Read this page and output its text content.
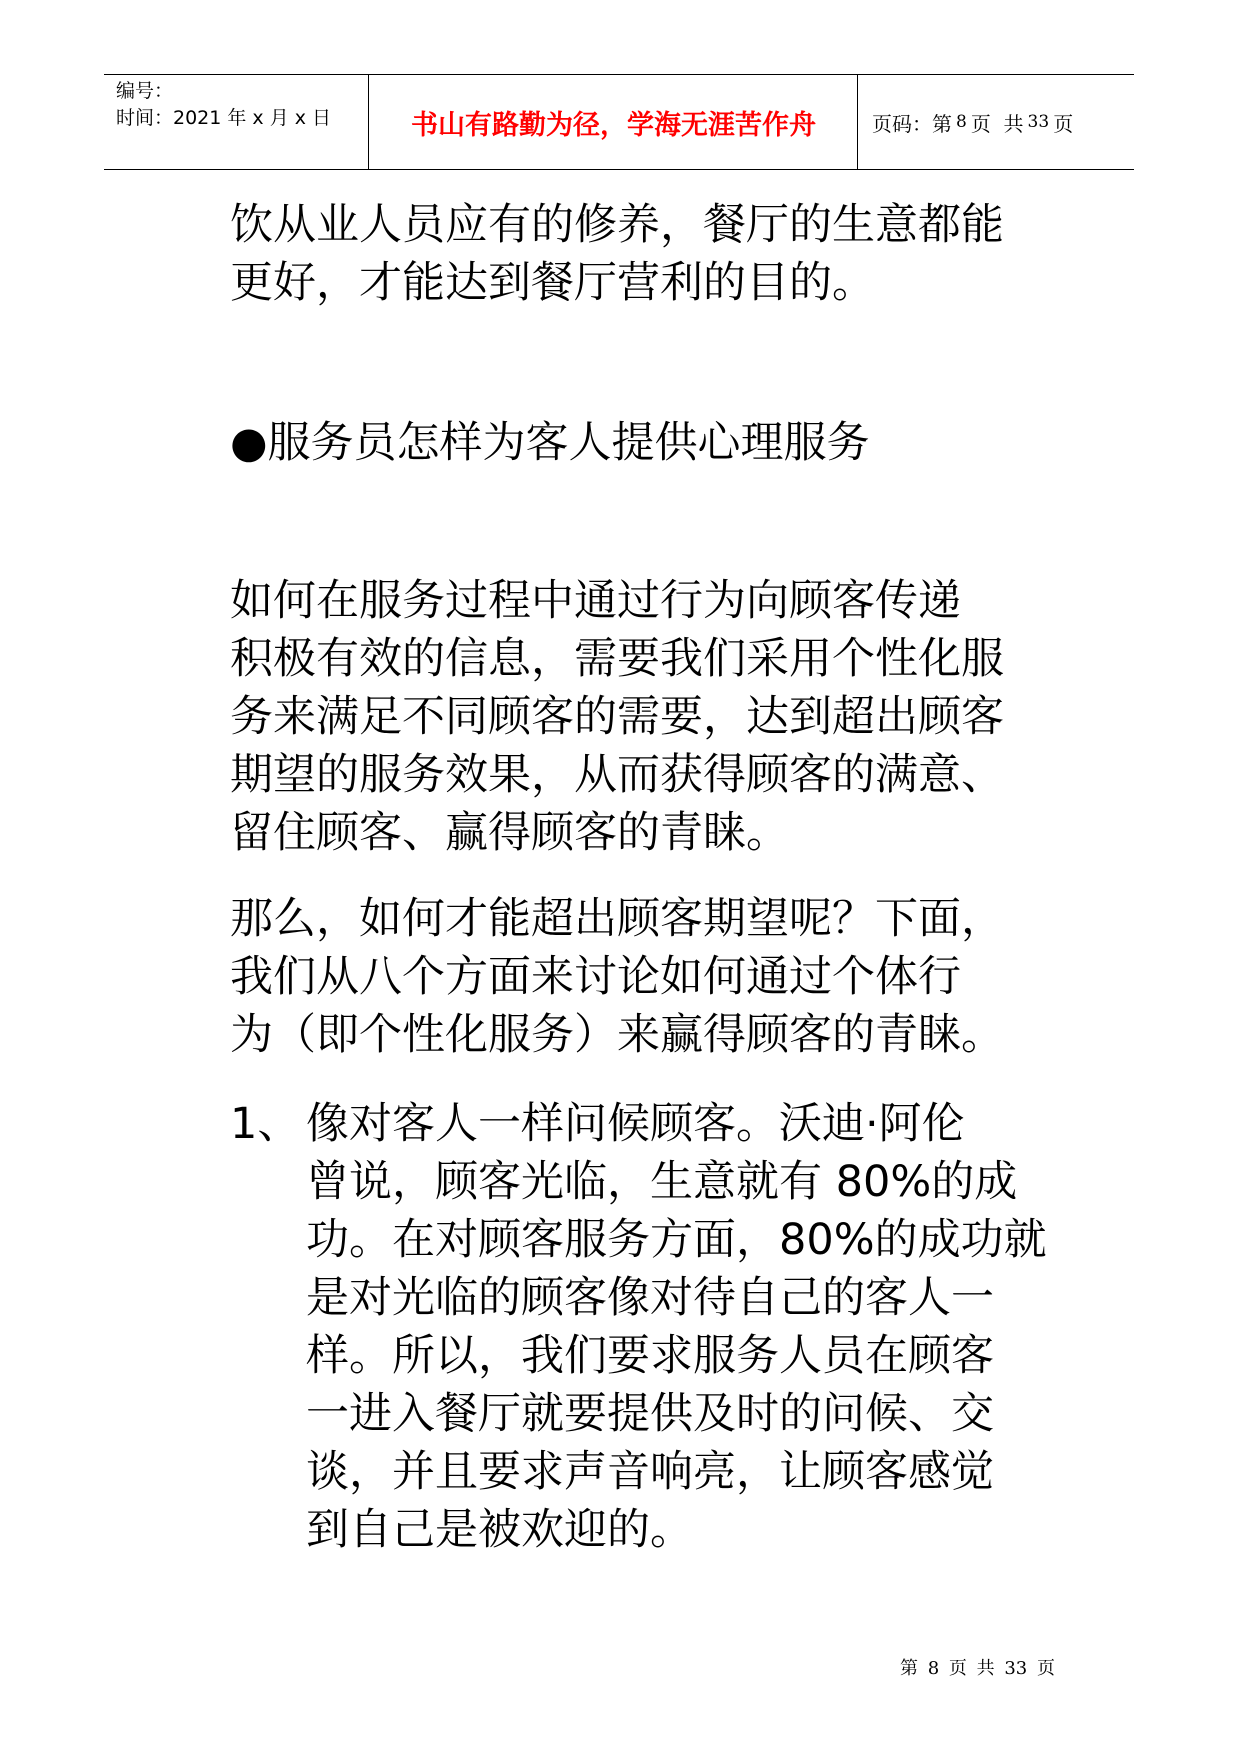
编号：
时间：2021 年 x 月 x 日	书山有路勤为径，学海无涯苦作舟	页码：第 8 页  共 33 页
饮从业人员应有的修养，餐厅的生意都能
更好，才能达到餐厅营利的目的。
●服务员怎样为客人提供心理服务
如何在服务过程中通过行为向顾客传递
积极有效的信息，需要我们采用个性化服
务来满足不同顾客的需要，达到超出顾客
期望的服务效果，从而获得顾客的满意、
留住顾客、赢得顾客的青睐。
那么，如何才能超出顾客期望呢？下面，
我们从八个方面来讨论如何通过个体行
为（即个性化服务）来赢得顾客的青睐。
1、 像对客人一样问候顾客。沃迪·阿伦
曾说，顾客光临，生意就有 80%的成
功。在对顾客服务方面，80%的成功就
是对光临的顾客像对待自己的客人一
样。所以，我们要求服务人员在顾客
一进入餐厅就要提供及时的问候、交
谈，并且要求声音响亮，让顾客感觉
到自己是被欢迎的。
第 8 页 共 33 页
